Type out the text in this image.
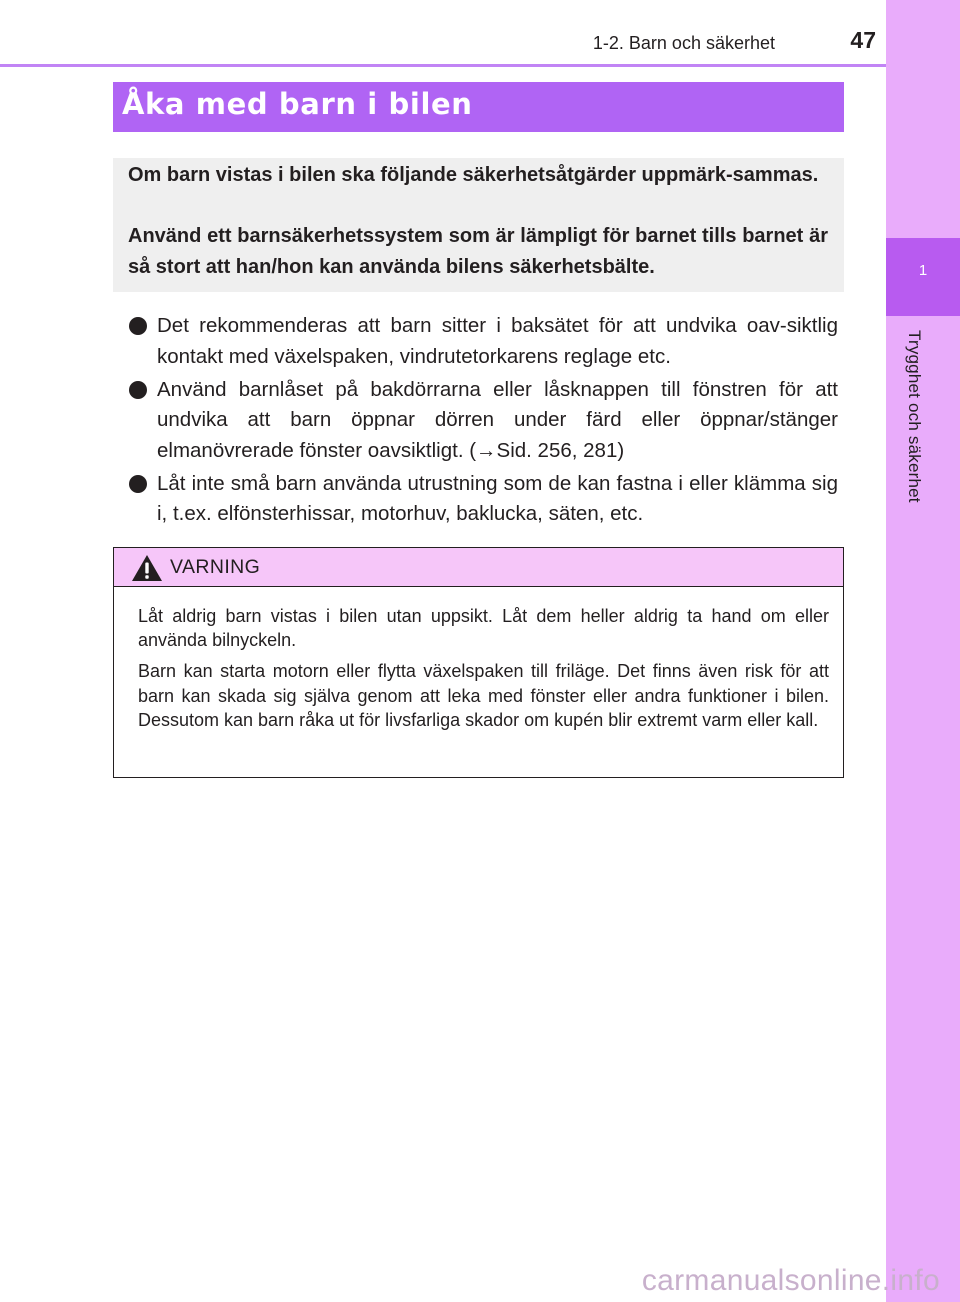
1
Trygghet och säkerhet
1-2. Barn och säkerhet	47
Åka med barn i bilen

Om barn vistas i bilen ska följande säkerhetsåtgärder uppmärk-sammas.

Använd ett barnsäkerhetssystem som är lämpligt för barnet tills barnet är så stort att han/hon kan använda bilens säkerhetsbälte.

Det rekommenderas att barn sitter i baksätet för att undvika oav-siktlig kontakt med växelspaken, vindrutetorkarens reglage etc.
Använd barnlåset på bakdörrarna eller låsknappen till fönstren för att undvika att barn öppnar dörren under färd eller öppnar/stänger elmanövrerade fönster oavsiktligt. (→Sid. 256, 281)
Låt inte små barn använda utrustning som de kan fastna i eller klämma sig i, t.ex. elfönsterhissar, motorhuv, baklucka, säten, etc.
VARNING

Låt aldrig barn vistas i bilen utan uppsikt. Låt dem heller aldrig ta hand om eller använda bilnyckeln.

Barn kan starta motorn eller flytta växelspaken till friläge. Det finns även risk för att barn kan skada sig själva genom att leka med fönster eller andra funktioner i bilen. Dessutom kan barn råka ut för livsfarliga skador om kupén blir extremt varm eller kall.

carmanualsonline.info
